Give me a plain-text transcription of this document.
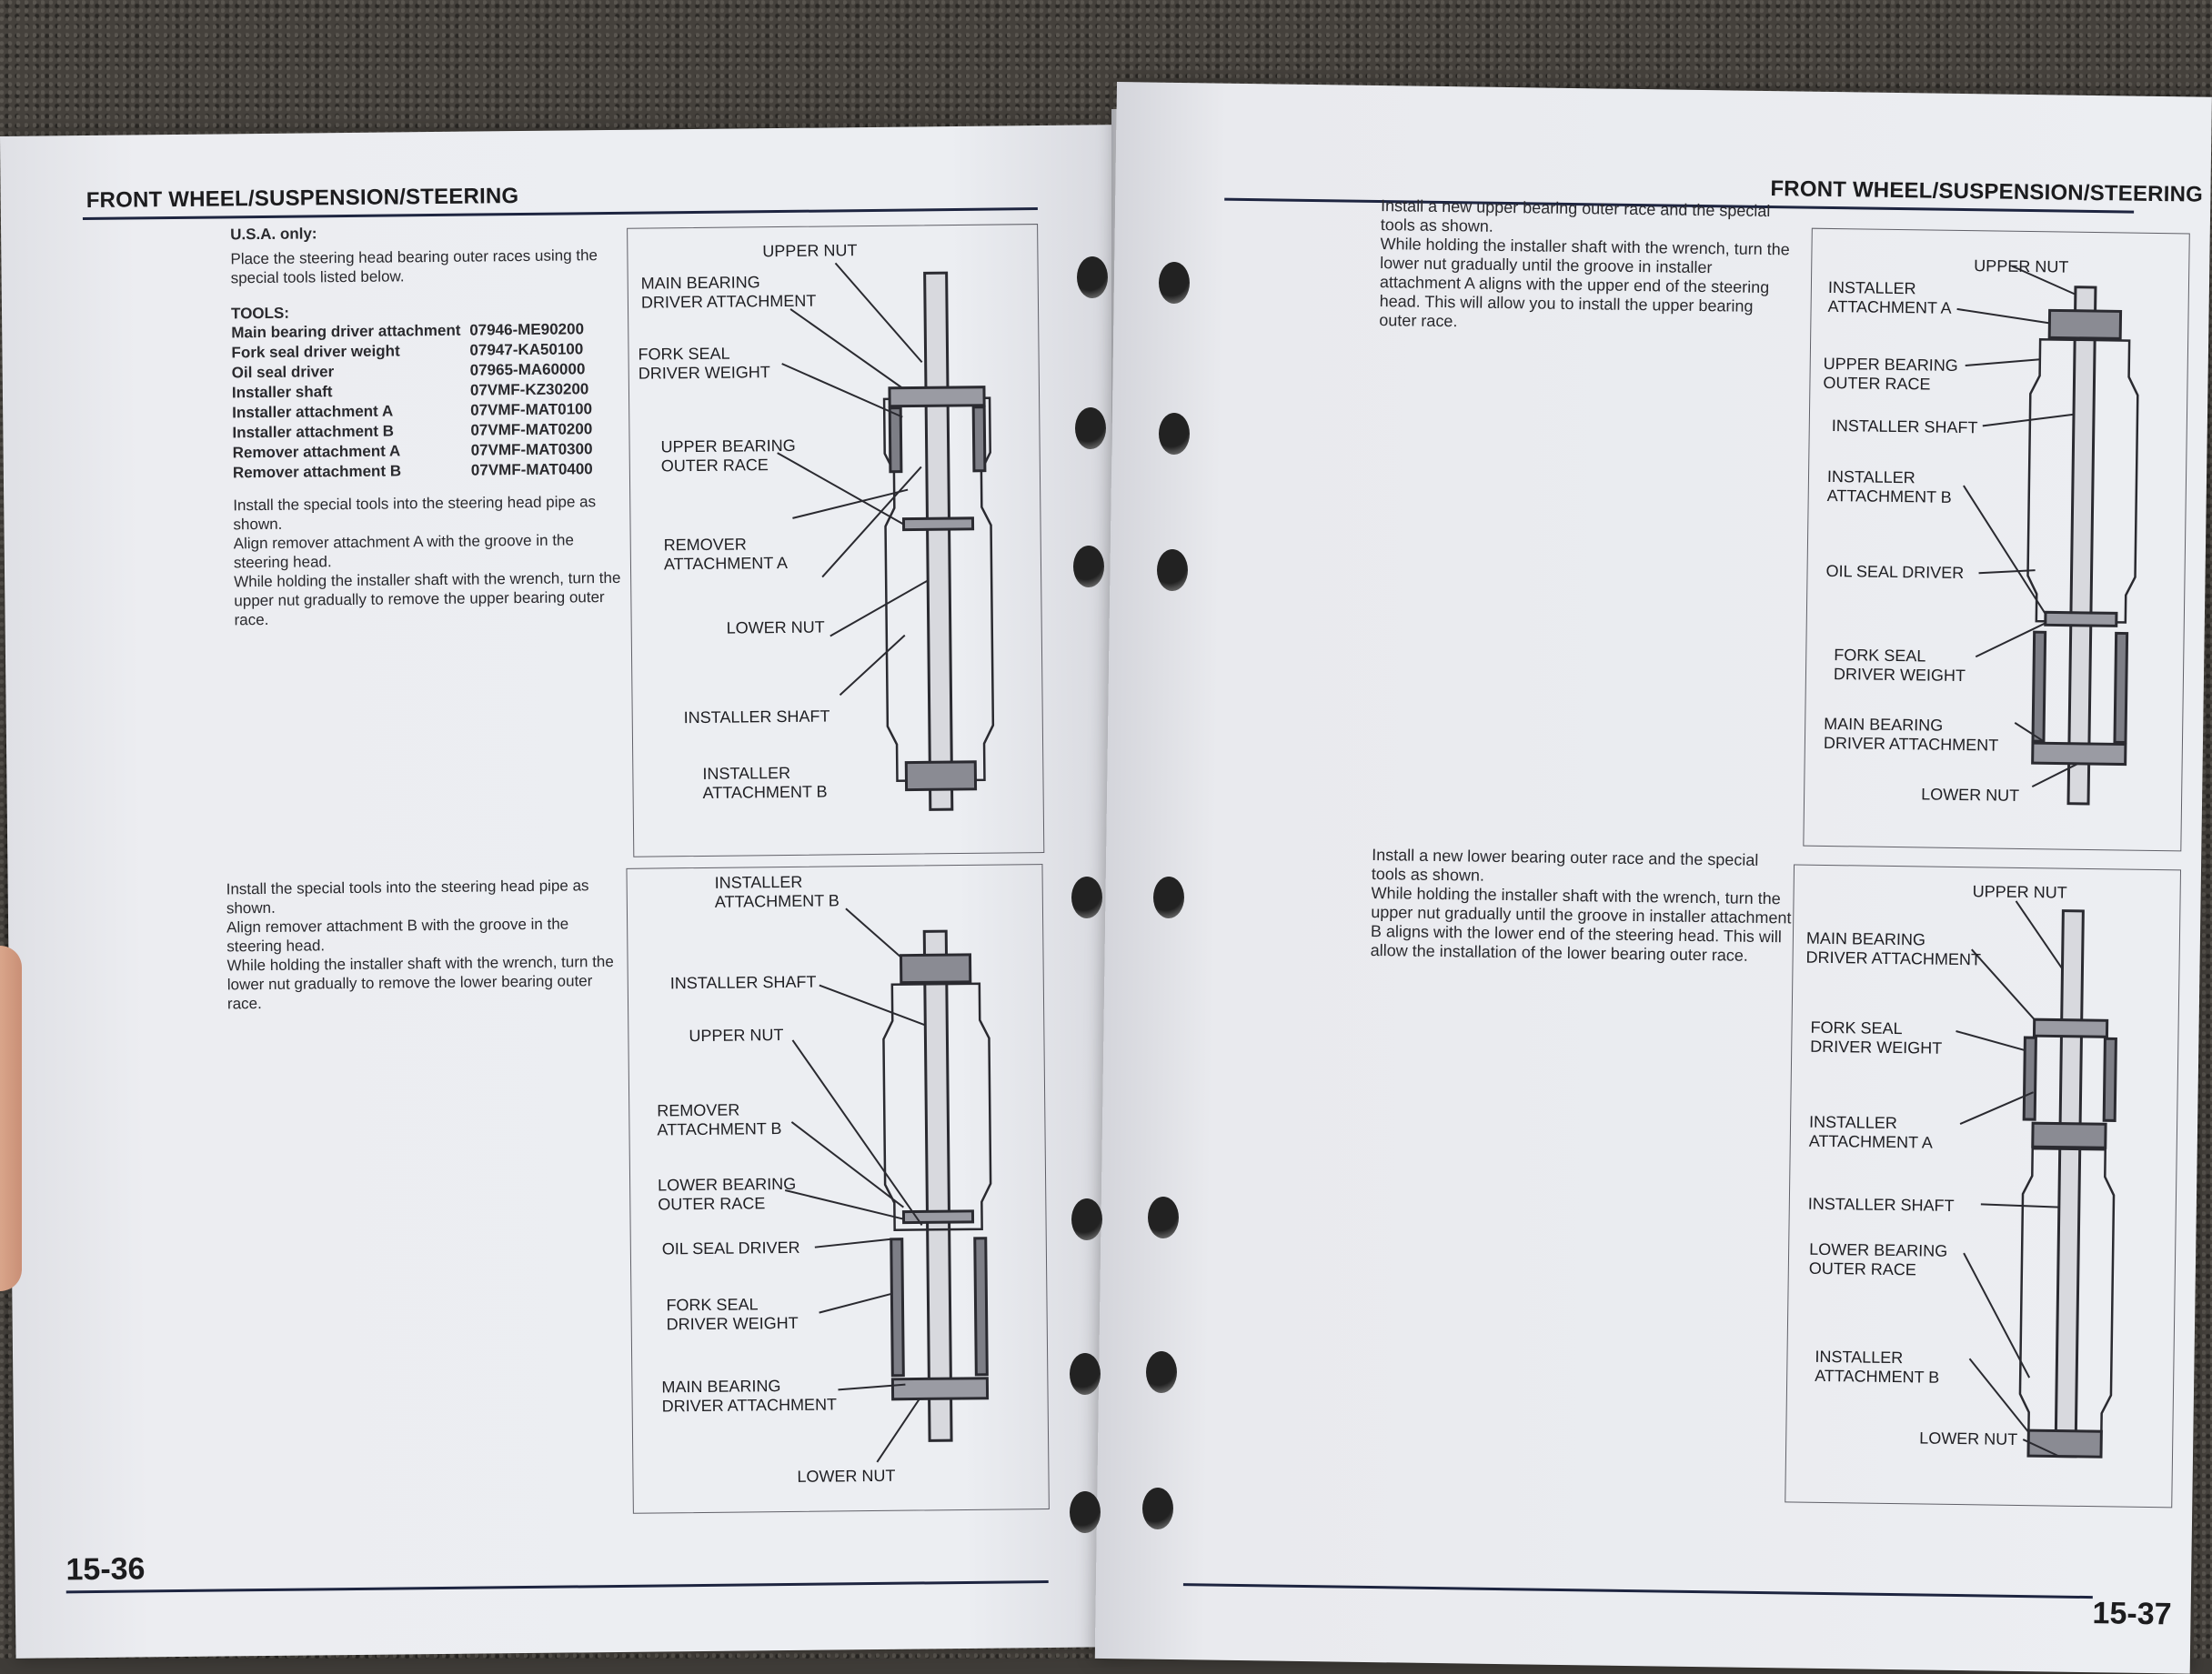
FRONT WHEEL/SUSPENSION/STEERING
U.S.A. only:
Place the steering head bearing outer races using the special tools listed below.
TOOLS:
Main bearing driver attachment 07946-ME90200
Fork seal driver weight	07947-KA50100
Oil seal driver	07965-MA60000
Installer shaft	07VMF-KZ30200
Installer attachment A	07VMF-MAT0100
Installer attachment B	07VMF-MAT0200
Remover attachment A	07VMF-MAT0300
Remover attachment B	07VMF-MAT0400
Install the special tools into the steering head pipe as shown.
Align remover attachment A with the groove in the steering head.
While holding the installer shaft with the wrench, turn the upper nut gradually to remove the upper bearing outer race.
Install the special tools into the steering head pipe as shown.
Align remover attachment B with the groove in the steering head.
While holding the installer shaft with the wrench, turn the lower nut gradually to remove the lower bearing outer race.
UPPER NUT
MAIN BEARING
DRIVER ATTACHMENT
FORK SEAL
DRIVER WEIGHT
UPPER BEARING
OUTER RACE
REMOVER
ATTACHMENT A
LOWER NUT
INSTALLER SHAFT
INSTALLER
ATTACHMENT B
INSTALLER
ATTACHMENT B
INSTALLER SHAFT
UPPER NUT
REMOVER
ATTACHMENT B
LOWER BEARING
OUTER RACE
OIL SEAL DRIVER
FORK SEAL
DRIVER WEIGHT
MAIN BEARING
DRIVER ATTACHMENT
LOWER NUT
15-36
FRONT WHEEL/SUSPENSION/STEERING
Install a new upper bearing outer race and the special tools as shown.
While holding the installer shaft with the wrench, turn the lower nut gradually until the groove in installer attachment A aligns with the upper end of the steering head. This will allow you to install the upper bearing outer race.
Install a new lower bearing outer race and the special tools as shown.
While holding the installer shaft with the wrench, turn the upper nut gradually until the groove in installer attachment B aligns with the lower end of the steering head. This will allow the installation of the lower bearing outer race.
INSTALLER
ATTACHMENT A
UPPER NUT
UPPER BEARING
OUTER RACE
INSTALLER SHAFT
INSTALLER
ATTACHMENT B
OIL SEAL DRIVER
FORK SEAL
DRIVER WEIGHT
MAIN BEARING
DRIVER ATTACHMENT
LOWER NUT
UPPER NUT
MAIN BEARING
DRIVER ATTACHMENT
FORK SEAL
DRIVER WEIGHT
INSTALLER
ATTACHMENT A
INSTALLER SHAFT
LOWER BEARING
OUTER RACE
INSTALLER
ATTACHMENT B
LOWER NUT
15-37
